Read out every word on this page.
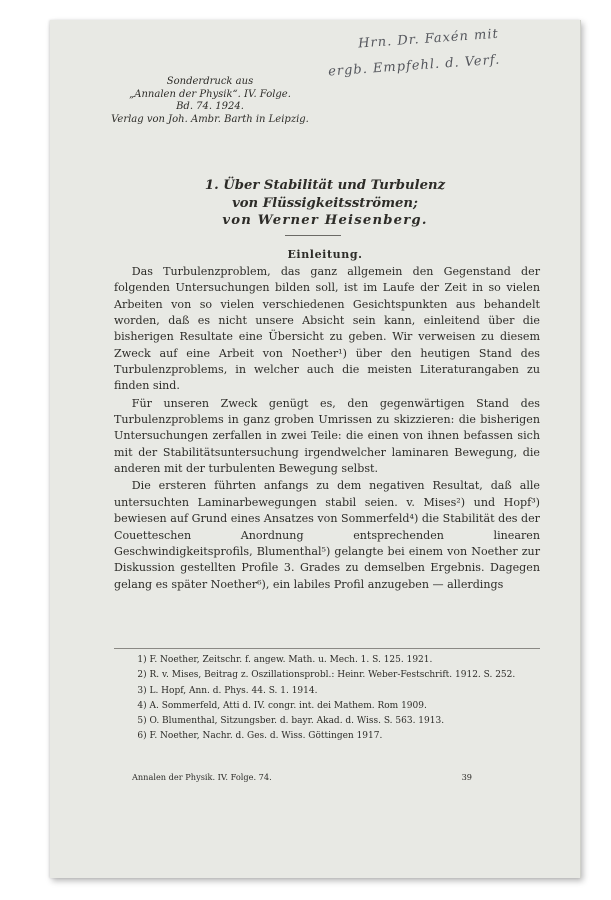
Hrn. Dr. Faxén mit
ergb. Empfehl. d. Verf.
Sonderdruck aus
„Annalen der Physik“. IV. Folge.
Bd. 74. 1924.
Verlag von Joh. Ambr. Barth in Leipzig.
1. Über Stabilität und Turbulenz
von Flüssigkeitsströmen;
von Werner Heisenberg.
Einleitung.

Das Turbulenzproblem, das ganz allgemein den Gegenstand der folgenden Untersuchungen bilden soll, ist im Laufe der Zeit in so vielen Arbeiten von so vielen verschiedenen Gesichtspunkten aus behandelt worden, daß es nicht unsere Absicht sein kann, einleitend über die bisherigen Resultate eine Übersicht zu geben. Wir verweisen zu diesem Zweck auf eine Arbeit von Noether¹) über den heutigen Stand des Turbulenzproblems, in welcher auch die meisten Literaturangaben zu finden sind.

Für unseren Zweck genügt es, den gegenwärtigen Stand des Turbulenzproblems in ganz groben Umrissen zu skizzieren: die bisherigen Untersuchungen zerfallen in zwei Teile: die einen von ihnen befassen sich mit der Stabilitätsuntersuchung irgendwelcher laminaren Bewegung, die anderen mit der turbulenten Bewegung selbst.

Die ersteren führten anfangs zu dem negativen Resultat, daß alle untersuchten Laminarbewegungen stabil seien. v. Mises²) und Hopf³) bewiesen auf Grund eines Ansatzes von Sommerfeld⁴) die Stabilität des der Couetteschen Anordnung entsprechenden linearen Geschwindigkeitsprofils, Blumenthal⁵) gelangte bei einem von Noether zur Diskussion gestellten Profile 3. Grades zu demselben Ergebnis. Dagegen gelang es später Noether⁶), ein labiles Profil anzugeben — allerdings

1) F. Noether, Zeitschr. f. angew. Math. u. Mech. 1. S. 125. 1921.
2) R. v. Mises, Beitrag z. Oszillationsprobl.: Heinr. Weber-Festschrift. 1912. S. 252.
3) L. Hopf, Ann. d. Phys. 44. S. 1. 1914.
4) A. Sommerfeld, Atti d. IV. congr. int. dei Mathem. Rom 1909.
5) O. Blumenthal, Sitzungsber. d. bayr. Akad. d. Wiss. S. 563. 1913.
6) F. Noether, Nachr. d. Ges. d. Wiss. Göttingen 1917.
Annalen der Physik. IV. Folge. 74.	39
